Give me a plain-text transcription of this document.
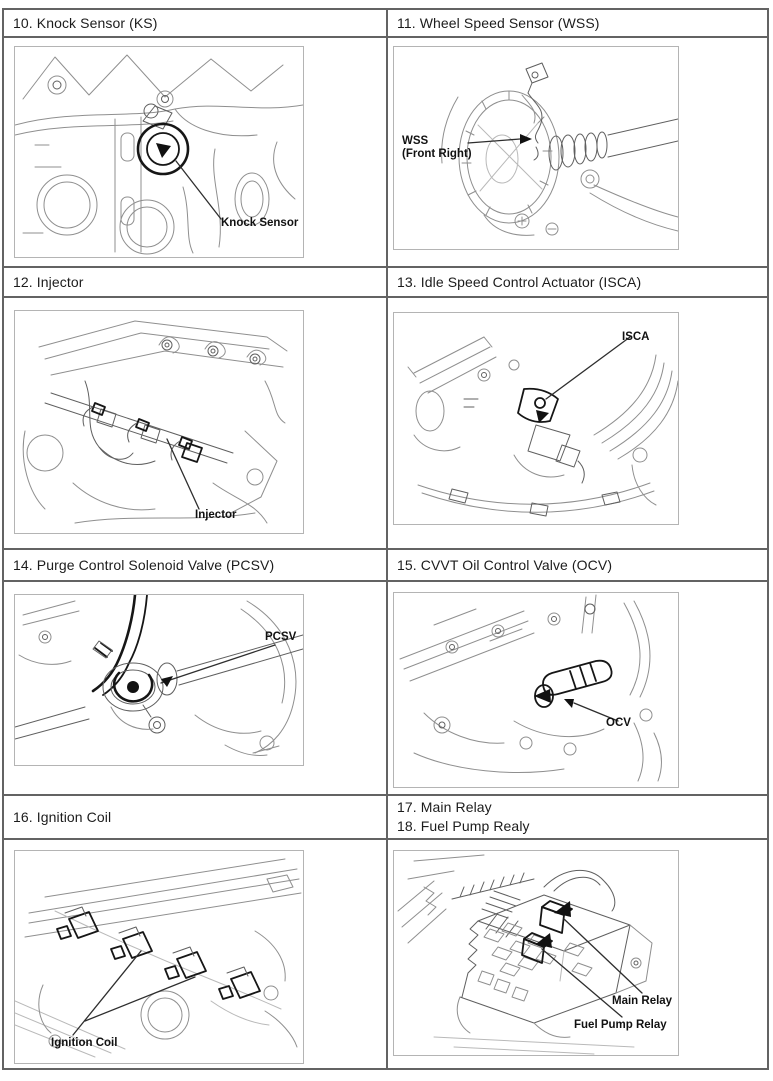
10. Knock Sensor (KS)	11. Wheel Speed Sensor (WSS)
Knock Sensor
WSS
(Front Right)
12. Injector	13. Idle Speed Control Actuator (ISCA)
Injector
ISCA
14. Purge Control Solenoid Valve (PCSV)	15. CVVT Oil Control Valve (OCV)
PCSV
OCV
16. Ignition Coil
17. Main Relay
18. Fuel Pump Realy
Ignition Coil
Main Relay
Fuel Pump Relay
